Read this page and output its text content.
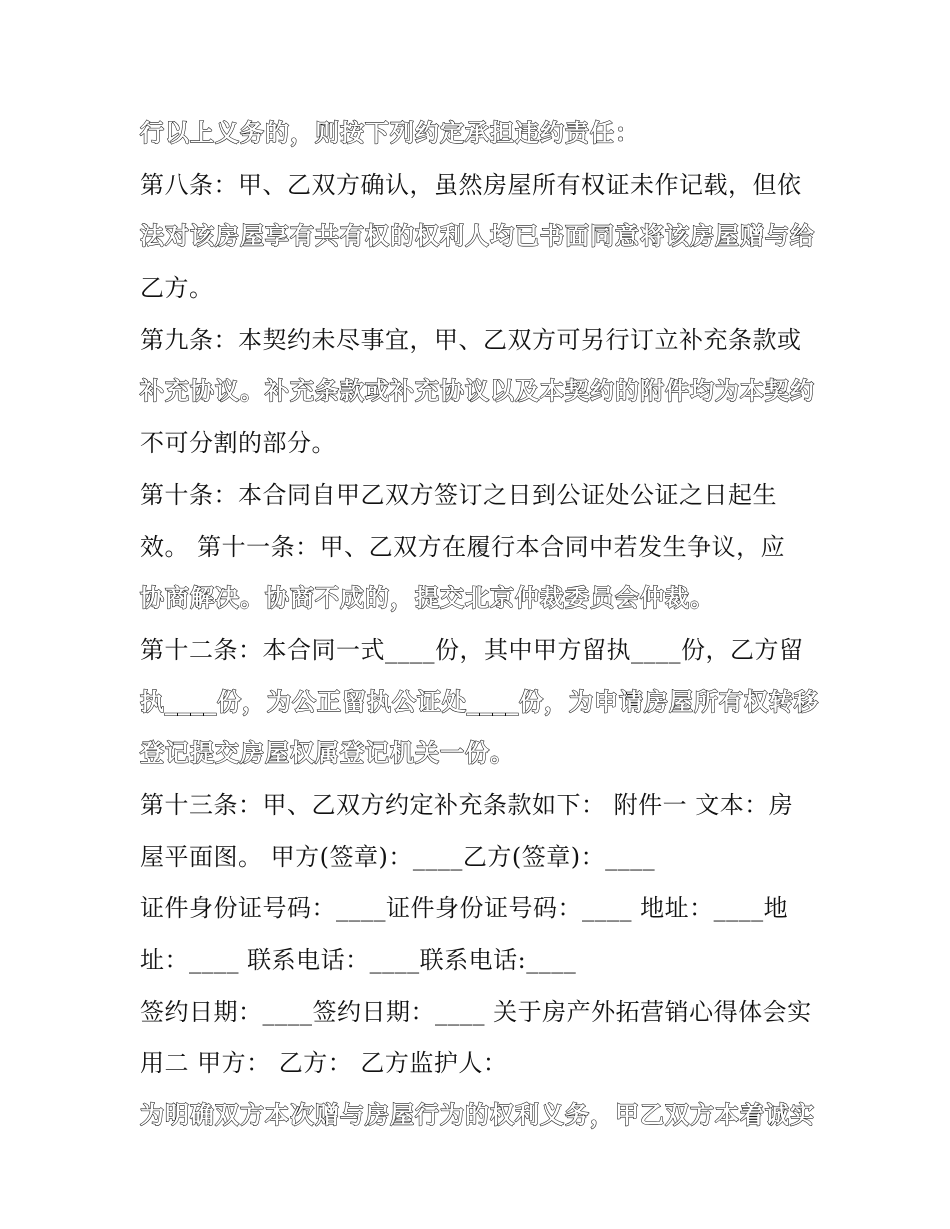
行以上义务的，则按下列约定承担违约责任：
第八条：甲、乙双方确认，虽然房屋所有权证未作记载，但依
法对该房屋享有共有权的权利人均已书面同意将该房屋赠与给
乙方。
第九条：本契约未尽事宜，甲、乙双方可另行订立补充条款或
补充协议。补充条款或补充协议以及本契约的附件均为本契约
不可分割的部分。
第十条：本合同自甲乙双方签订之日到公证处公证之日起生
效。 第十一条：甲、乙双方在履行本合同中若发生争议，应
协商解决。协商不成的，提交北京仲裁委员会仲裁。
第十二条：本合同一式____份，其中甲方留执____份，乙方留
执____份，为公正留执公证处____份，为申请房屋所有权转移
登记提交房屋权属登记机关一份。
第十三条：甲、乙双方约定补充条款如下： 附件一 文本：房
屋平面图。 甲方(签章)：____乙方(签章)：____
证件身份证号码：____证件身份证号码：____ 地址：____地
址：____ 联系电话：____联系电话:____
签约日期：____签约日期：____ 关于房产外拓营销心得体会实
用二 甲方： 乙方： 乙方监护人：
为明确双方本次赠与房屋行为的权利义务，甲乙双方本着诚实
